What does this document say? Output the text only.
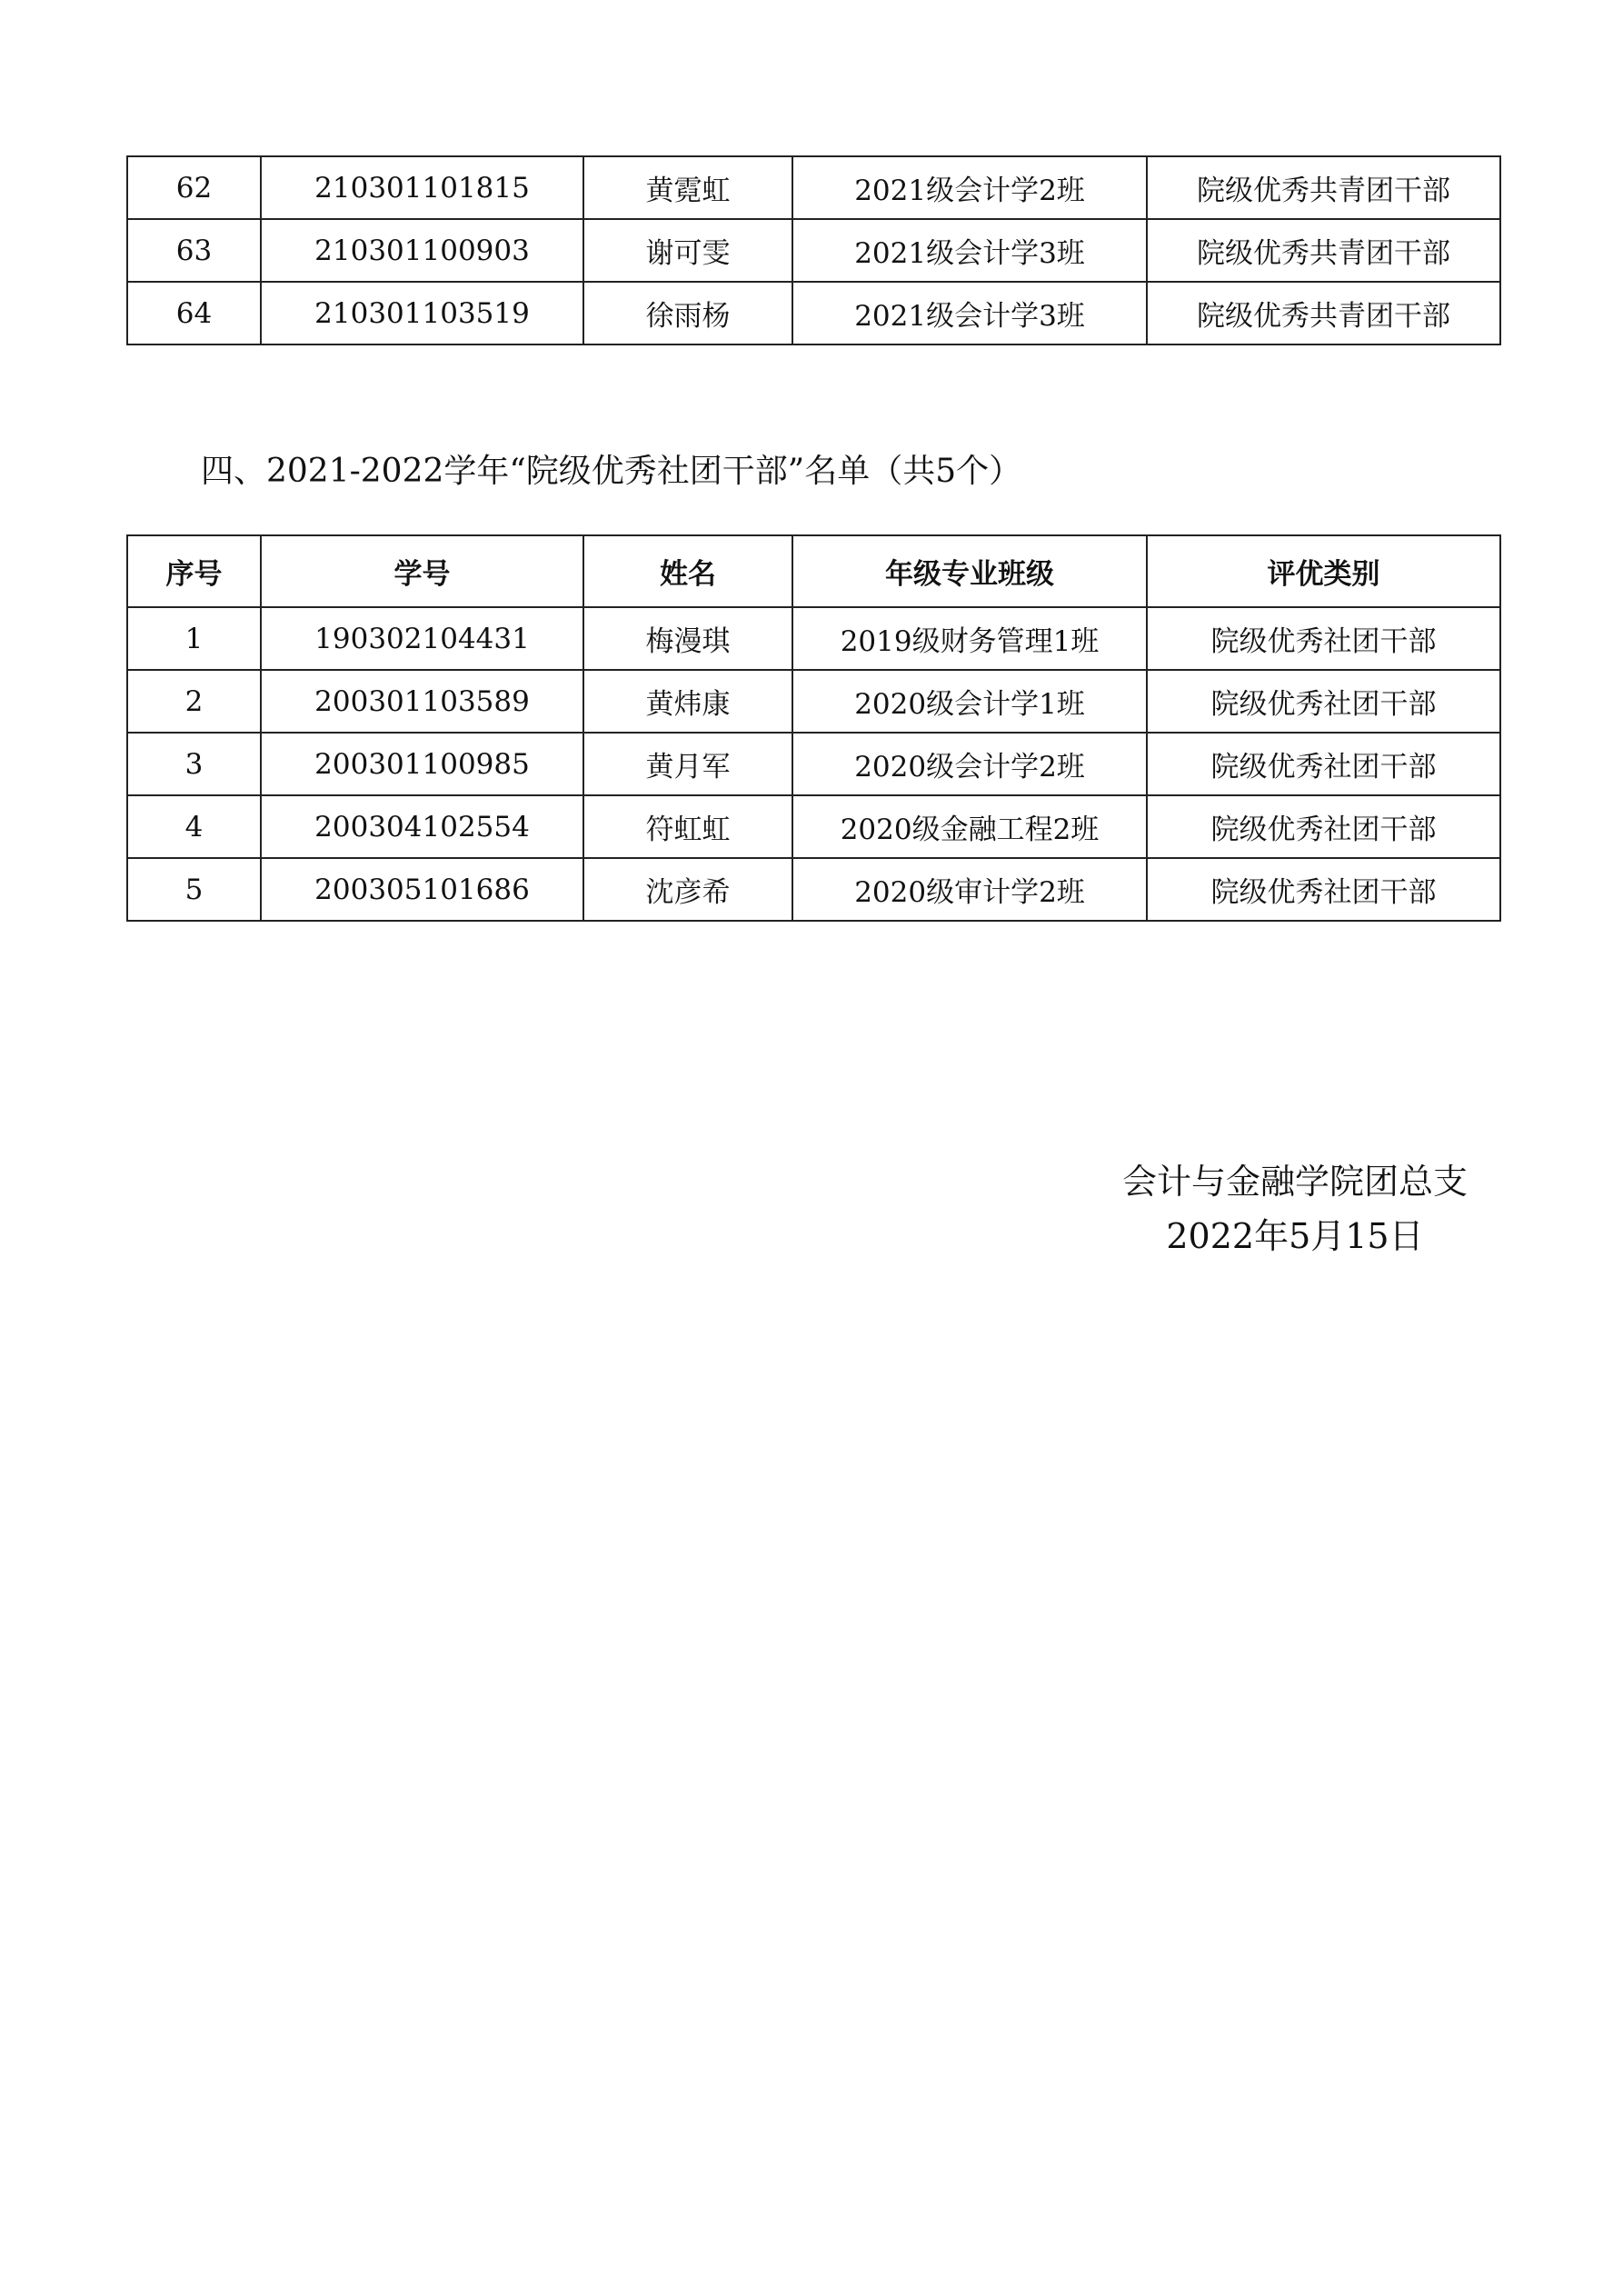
62	210301101815	黄霓虹	2021级会计学2班	院级优秀共青团干部
63	210301100903	谢可雯	2021级会计学3班	院级优秀共青团干部
64	210301103519	徐雨杨	2021级会计学3班	院级优秀共青团干部
四、2021-2022学年“院级优秀社团干部”名单（共5个）
序号	学号	姓名	年级专业班级	评优类别
1	190302104431	梅漫琪	2019级财务管理1班	院级优秀社团干部
2	200301103589	黄炜康	2020级会计学1班	院级优秀社团干部
3	200301100985	黄月军	2020级会计学2班	院级优秀社团干部
4	200304102554	符虹虹	2020级金融工程2班	院级优秀社团干部
5	200305101686	沈彦希	2020级审计学2班	院级优秀社团干部
会计与金融学院团总支
2022年5月15日
